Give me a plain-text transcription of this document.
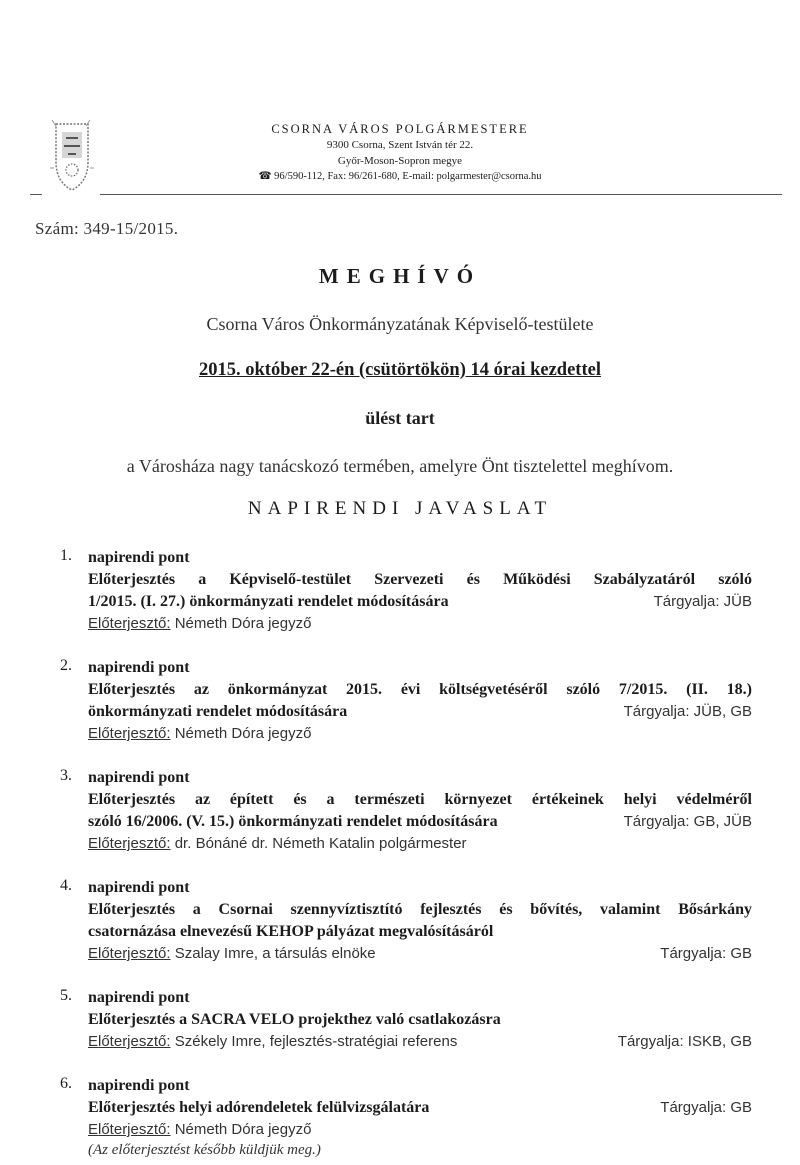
CSORNA VÁROS POLGÁRMESTERE
9300 Csorna, Szent István tér 22.
Győr-Moson-Sopron megye
☎ 96/590-112, Fax: 96/261-680, E-mail: polgarmester@csorna.hu
Szám: 349-15/2015.
MEGHÍVÓ
Csorna Város Önkormányzatának Képviselő-testülete
2015. október 22-én (csütörtökön) 14 órai kezdettel
ülést tart
a Városháza nagy tanácskozó termében, amelyre Önt tisztelettel meghívom.
NAPIRENDI JAVASLAT
1. napirendi pont
Előterjesztés a Képviselő-testület Szervezeti és Működési Szabályzatáról szóló
1/2015. (I. 27.) önkormányzati rendelet módosítására	Tárgyalja: JÜB
Előterjesztő: Németh Dóra jegyző
2. napirendi pont
Előterjesztés az önkormányzat 2015. évi költségvetéséről szóló 7/2015. (II. 18.)
önkormányzati rendelet módosítására	Tárgyalja: JÜB, GB
Előterjesztő: Németh Dóra jegyző
3. napirendi pont
Előterjesztés az épített és a természeti környezet értékeinek helyi védelméről
szóló 16/2006. (V. 15.) önkormányzati rendelet módosítására	Tárgyalja: GB, JÜB
Előterjesztő: dr. Bónáné dr. Németh Katalin polgármester
4. napirendi pont
Előterjesztés a Csornai szennyvíztisztító fejlesztés és bővítés, valamint Bősárkány
csatornázása elnevezésű KEHOP pályázat megvalósításáról
Előterjesztő: Szalay Imre, a társulás elnöke	Tárgyalja: GB
5. napirendi pont
Előterjesztés a SACRA VELO projekthez való csatlakozásra
Előterjesztő: Székely Imre, fejlesztés-stratégiai referens	Tárgyalja: ISKB, GB
6. napirendi pont
Előterjesztés helyi adórendeletek felülvizsgálatára	Tárgyalja: GB
Előterjesztő: Németh Dóra jegyző
(Az előterjesztést később küldjük meg.)
